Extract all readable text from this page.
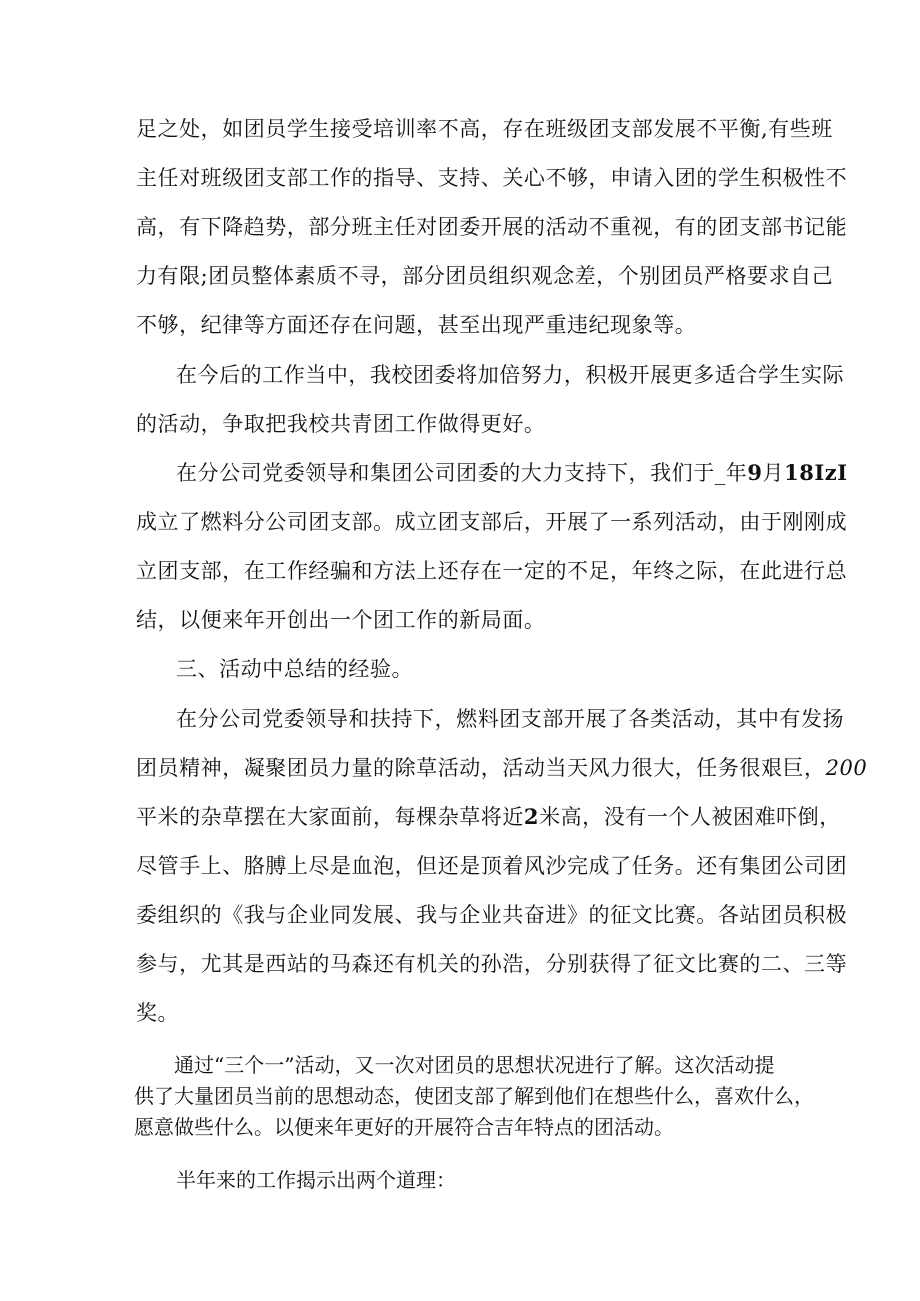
足之处，如团员学生接受培训率不高，存在班级团支部发展不平衡,有些班
主任对班级团支部工作的指导、支持、关心不够，申请入团的学生积极性不
高，有下降趋势，部分班主任对团委开展的活动不重视，有的团支部书记能
力有限;团员整体素质不寻，部分团员组织观念差，个别团员严格要求自己
不够，纪律等方面还存在问题，甚至出现严重违纪现象等。
在今后的工作当中，我校团委将加倍努力，积极开展更多适合学生实际
的活动，争取把我校共青团工作做得更好。
在分公司党委领导和集团公司团委的大力支持下，我们于_年9月18IzI
成立了燃料分公司团支部。成立团支部后，开展了一系列活动，由于刚刚成
立团支部，在工作经骗和方法上还存在一定的不足，年终之际，在此进行总
结，以便来年开创出一个团工作的新局面。
三、活动中总结的经验。
在分公司党委领导和扶持下，燃料团支部开展了各类活动，其中有发扬
团员精神，凝聚团员力量的除草活动，活动当天风力很大，任务很艰巨，200
平米的杂草摆在大家面前，每棵杂草将近2米高，没有一个人被困难吓倒，
尽管手上、胳膊上尽是血泡，但还是顶着风沙完成了任务。还有集团公司团
委组织的《我与企业同发展、我与企业共奋进》的征文比赛。各站团员积极
参与，尤其是西站的马森还有机关的孙浩，分别获得了征文比赛的二、三等
奖。
通过“三个一”活动，又一次对团员的思想状况进行了解。这次活动提
供了大量团员当前的思想动态，使团支部了解到他们在想些什么，喜欢什么，
愿意做些什么。以便来年更好的开展符合吉年特点的团活动。
半年来的工作揭示出两个道理：
